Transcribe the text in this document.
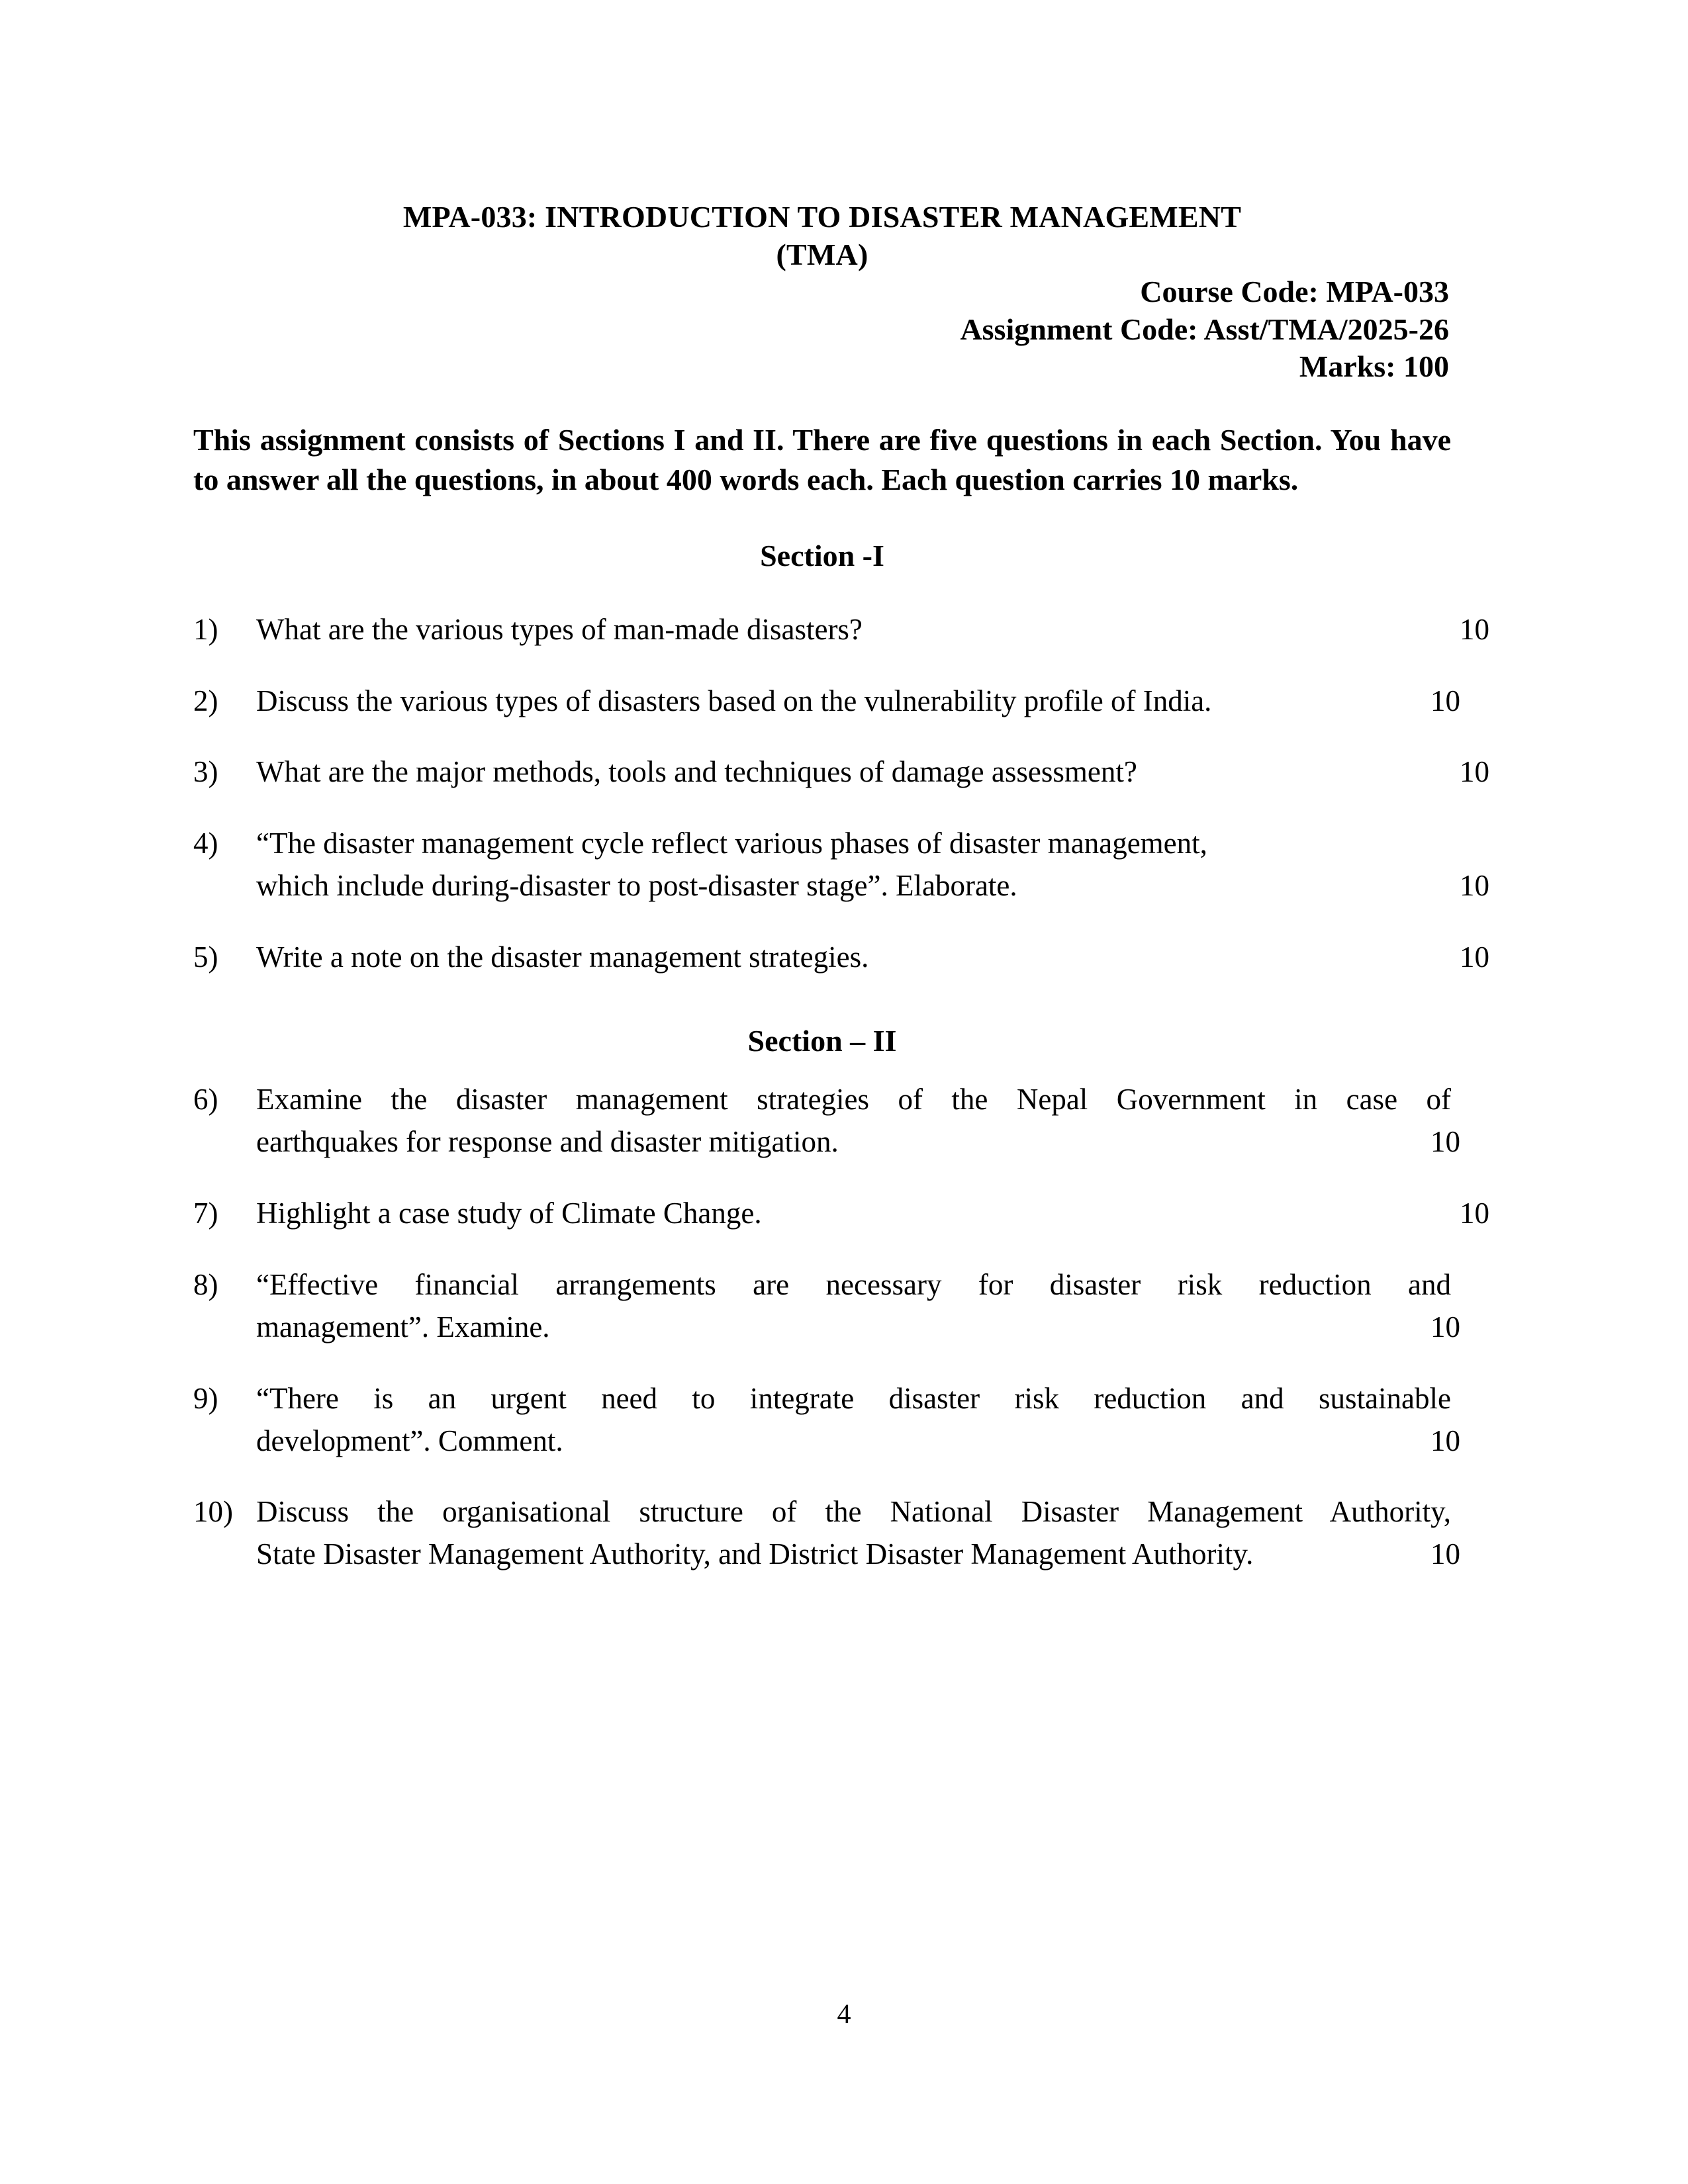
MPA-033: INTRODUCTION TO DISASTER MANAGEMENT
(TMA)
Course Code: MPA-033
Assignment Code: Asst/TMA/2025-26
Marks: 100

This assignment consists of Sections I and II. There are five questions in each Section. You have to answer all the questions, in about 400 words each. Each question carries 10 marks.

Section -I
1)	What are the various types of man-made disasters?	10
2)	Discuss the various types of disasters based on the vulnerability profile of India.	10
3)	What are the major methods, tools and techniques of damage assessment?	10
4)	“The disaster management cycle reflect various phases of disaster management,
which include during-disaster to post-disaster stage”. Elaborate.	10
5)	Write a note on the disaster management strategies.	10
Section – II
6)	Examine the disaster management strategies of the Nepal Government in case of
earthquakes for response and disaster mitigation.	10
7)	Highlight a case study of Climate Change.	10
8)	“Effective financial arrangements are necessary for disaster risk reduction and
management”. Examine.	10
9)	“There is an urgent need to integrate disaster risk reduction and sustainable
development”. Comment.	10
10) Discuss the organisational structure of the National Disaster Management Authority,
State Disaster Management Authority, and District Disaster Management Authority.	10
4
